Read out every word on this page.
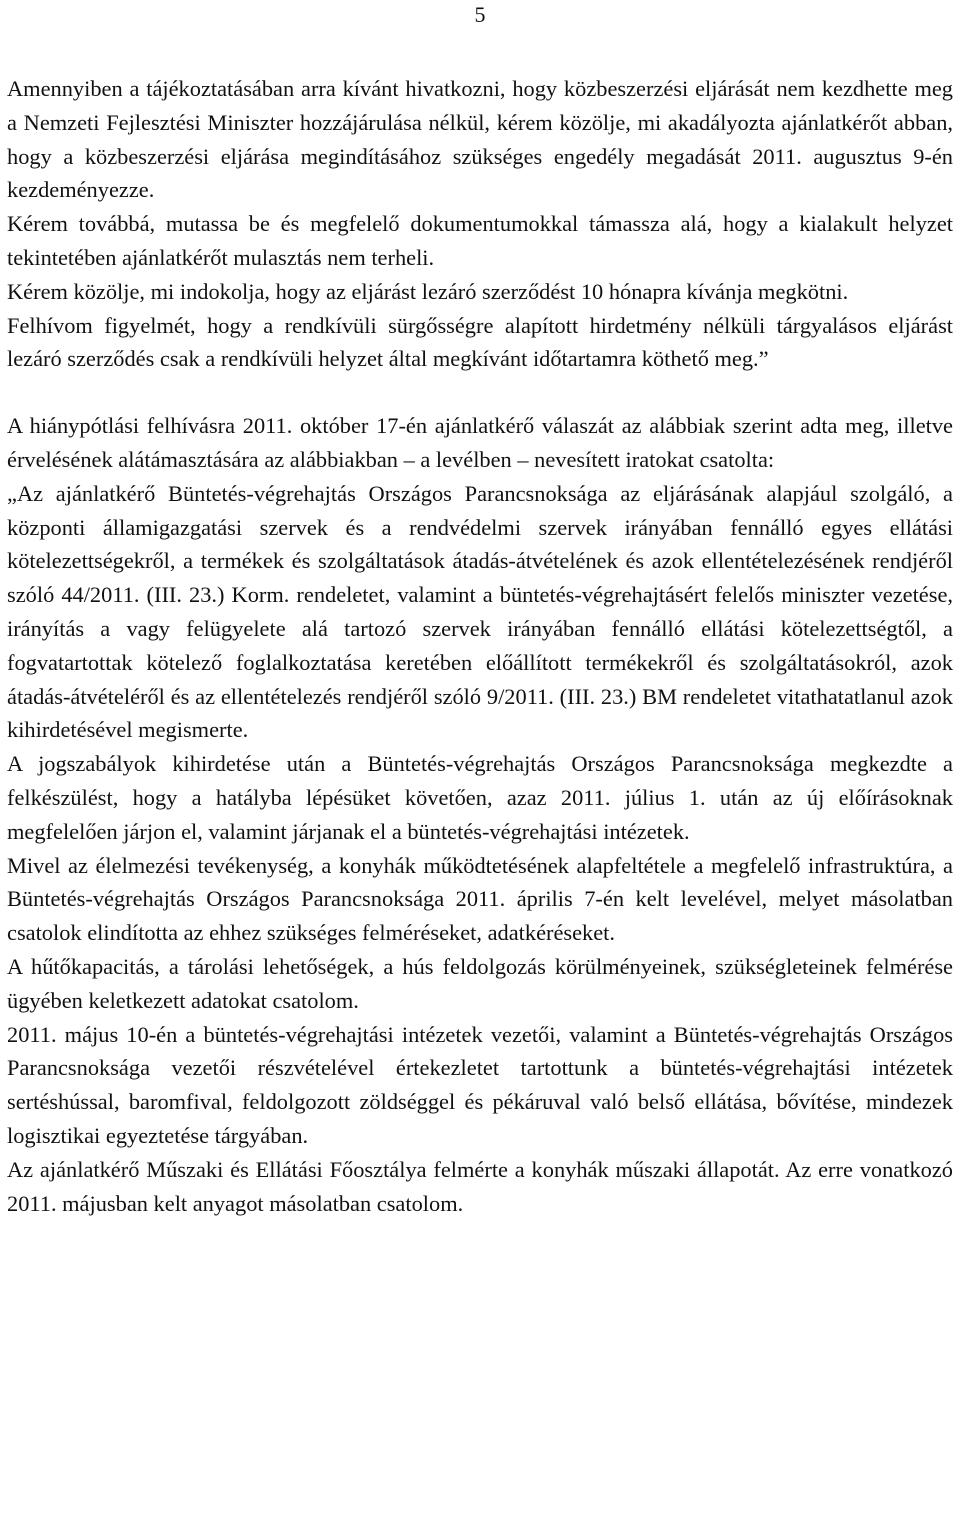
5

Amennyiben a tájékoztatásában arra kívánt hivatkozni, hogy közbeszerzési eljárását nem kezdhette meg a Nemzeti Fejlesztési Miniszter hozzájárulása nélkül, kérem közölje, mi akadályozta ajánlatkérőt abban, hogy a közbeszerzési eljárása megindításához szükséges engedély megadását 2011. augusztus 9-én kezdeményezze.

Kérem továbbá, mutassa be és megfelelő dokumentumokkal támassza alá, hogy a kialakult helyzet tekintetében ajánlatkérőt mulasztás nem terheli.

Kérem közölje, mi indokolja, hogy az eljárást lezáró szerződést 10 hónapra kívánja megkötni.

Felhívom figyelmét, hogy a rendkívüli sürgősségre alapított hirdetmény nélküli tárgyalásos eljárást lezáró szerződés csak a rendkívüli helyzet által megkívánt időtartamra köthető meg.”

A hiánypótlási felhívásra 2011. október 17-én ajánlatkérő válaszát az alábbiak szerint adta meg, illetve érvelésének alátámasztására az alábbiakban – a levélben – nevesített iratokat csatolta:

„Az ajánlatkérő Büntetés-végrehajtás Országos Parancsnoksága az eljárásának alapjául szolgáló, a központi államigazgatási szervek és a rendvédelmi szervek irányában fennálló egyes ellátási kötelezettségekről, a termékek és szolgáltatások átadás-átvételének és azok ellentételezésének rendjéről szóló 44/2011. (III. 23.) Korm. rendeletet, valamint a büntetés-végrehajtásért felelős miniszter vezetése, irányítás a vagy felügyelete alá tartozó szervek irányában fennálló ellátási kötelezettségtől, a fogvatartottak kötelező foglalkoztatása keretében előállított termékekről és szolgáltatásokról, azok átadás-átvételéről és az ellentételezés rendjéről szóló 9/2011. (III. 23.) BM rendeletet vitathatatlanul azok kihirdetésével megismerte.

A jogszabályok kihirdetése után a Büntetés-végrehajtás Országos Parancsnoksága megkezdte a felkészülést, hogy a hatályba lépésüket követően, azaz 2011. július 1. után az új előírásoknak megfelelően járjon el, valamint járjanak el a büntetés-végrehajtási intézetek.

Mivel az élelmezési tevékenység, a konyhák működtetésének alapfeltétele a megfelelő infrastruktúra, a Büntetés-végrehajtás Országos Parancsnoksága 2011. április 7-én kelt levelével, melyet másolatban csatolok elindította az ehhez szükséges felméréseket, adatkéréseket.

A hűtőkapacitás, a tárolási lehetőségek, a hús feldolgozás körülményeinek, szükségleteinek felmérése ügyében keletkezett adatokat csatolom.

2011. május 10-én a büntetés-végrehajtási intézetek vezetői, valamint a Büntetés-végrehajtás Országos Parancsnoksága vezetői részvételével értekezletet tartottunk a büntetés-végrehajtási intézetek sertéshússal, baromfival, feldolgozott zöldséggel és pékáruval való belső ellátása, bővítése, mindezek logisztikai egyeztetése tárgyában.

Az ajánlatkérő Műszaki és Ellátási Főosztálya felmérte a konyhák műszaki állapotát. Az erre vonatkozó 2011. májusban kelt anyagot másolatban csatolom.
